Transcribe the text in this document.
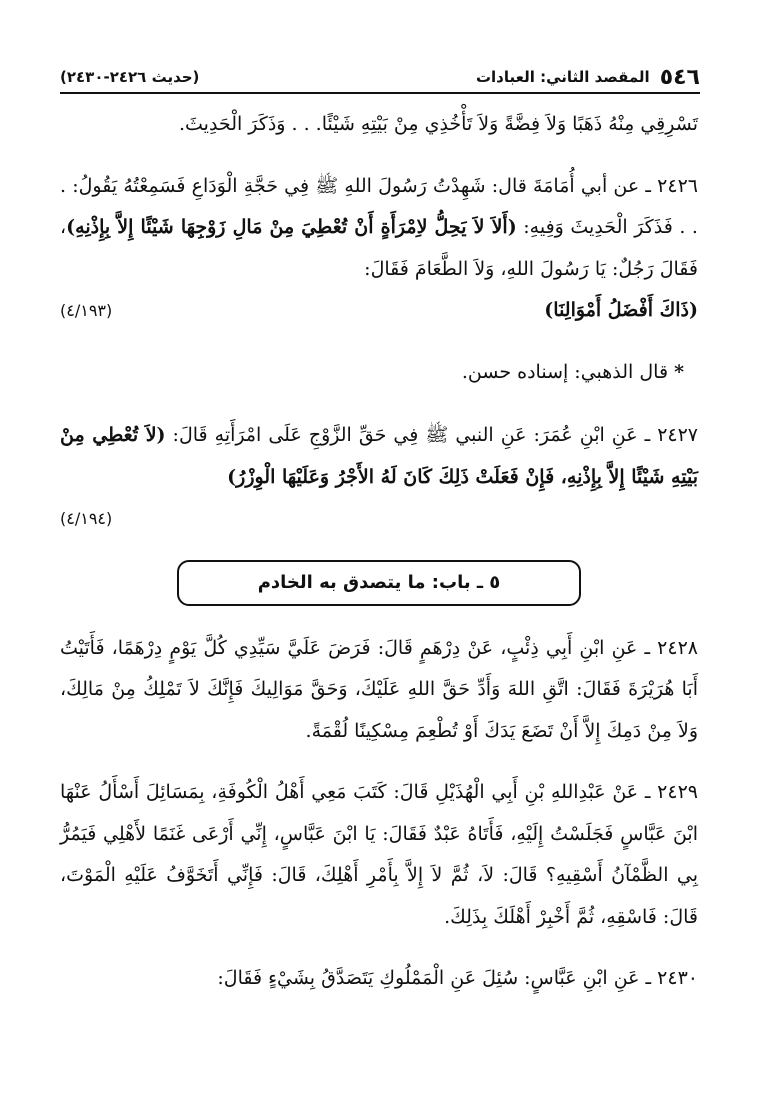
٥٤٦
المقصد الثاني: العبادات
(حديث ٢٤٢٦-٢٤٣٠)

تَسْرِقِي مِنْهُ ذَهَبًا وَلاَ فِضَّةً وَلاَ تَأْخُذِي مِنْ بَيْتِهِ شَيْئًا. . . وَذَكَرَ الْحَدِيثَ.

٢٤٢٦ ـ عن أبي أُمَامَةَ قال: شَهِدْتُ رَسُولَ اللهِ ﷺ فِي حَجَّةِ الْوَدَاعِ فَسَمِعْتُهُ يَقُولُ: . . . فَذَكَرَ الْحَدِيثَ وَفِيهِ: (أَلاَ لاَ يَحِلُّ لاِمْرَأَةٍ أَنْ تُعْطِيَ مِنْ مَالِ زَوْجِهَا شَيْئًا إِلاَّ بِإِذْنِهِ)، فَقَالَ رَجُلٌ: يَا رَسُولَ اللهِ، وَلاَ الطَّعَامَ فَقَالَ:
(ذَاكَ أَفْضَلُ أَمْوَالِنَا)
(٤/١٩٣)

*قال الذهبي: إسناده حسن.

٢٤٢٧ ـ عَنِ ابْنِ عُمَرَ: عَنِ النبي ﷺ فِي حَقِّ الزَّوْجِ عَلَى امْرَأَتِهِ قَالَ: (لاَ تُعْطِي مِنْ بَيْتِهِ شَيْئًا إِلاَّ بِإِذْنِهِ، فَإِنْ فَعَلَتْ ذَلِكَ كَانَ لَهُ الأَجْرُ وَعَلَيْهَا الْوِزْرُ)
(٤/١٩٤)
٥ ـ باب: ما يتصدق به الخادم

٢٤٢٨ ـ عَنِ ابْنِ أَبِي ذِئْبٍ، عَنْ دِرْهَمٍ قَالَ: فَرَضَ عَلَيَّ سَيِّدِي كُلَّ يَوْمٍ دِرْهَمًا، فَأَتَيْتُ أَبَا هُرَيْرَةَ فَقَالَ: اتَّقِ اللهَ وَأَدِّ حَقَّ اللهِ عَلَيْكَ، وَحَقَّ مَوَالِيكَ فَإِنَّكَ لاَ تَمْلِكُ مِنْ مَالِكَ، وَلاَ مِنْ دَمِكَ إِلاَّ أَنْ تَضَعَ يَدَكَ أَوْ تُطْعِمَ مِسْكِينًا لُقْمَةً.

٢٤٢٩ ـ عَنْ عَبْدِاللهِ بْنِ أَبِي الْهُذَيْلِ قَالَ: كَتَبَ مَعِي أَهْلُ الْكُوفَةِ، بِمَسَائِلَ أَسْأَلُ عَنْهَا ابْنَ عَبَّاسٍ فَجَلَسْتُ إِلَيْهِ، فَأَتَاهُ عَبْدٌ فَقَالَ: يَا ابْنَ عَبَّاسٍ، إِنِّي أَرْعَى غَنَمًا لأَهْلِي فَيَمُرُّ بِي الظَّمْآنُ أَسْقِيهِ؟ قَالَ: لاَ، ثُمَّ لاَ إِلاَّ بِأَمْرِ أَهْلِكَ، قَالَ: فَإِنِّي أَتَخَوَّفُ عَلَيْهِ الْمَوْتَ، قَالَ: فَاسْقِهِ، ثُمَّ أَخْبِرْ أَهْلَكَ بِذَلِكَ.

٢٤٣٠ ـ عَنِ ابْنِ عَبَّاسٍ: سُئِلَ عَنِ الْمَمْلُوكِ يَتَصَدَّقُ بِشَيْءٍ فَقَالَ:
